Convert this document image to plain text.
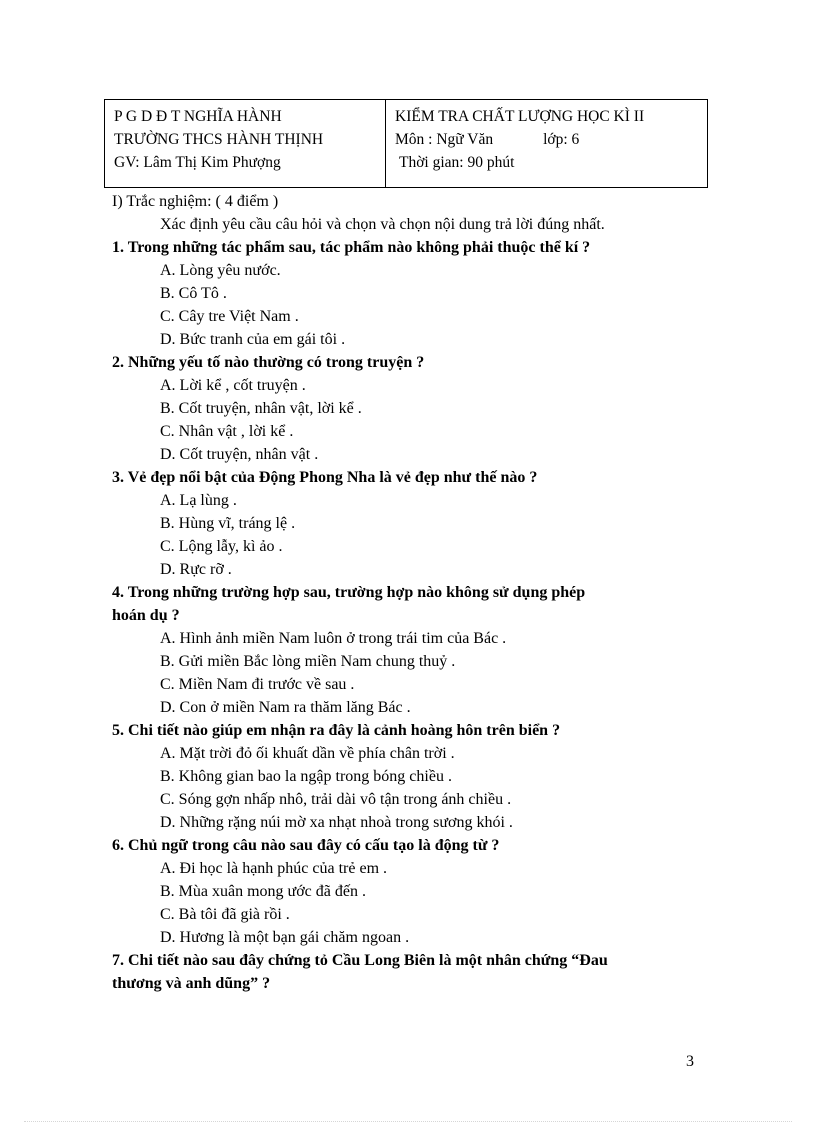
P G D Đ T NGHĨA HÀNH
TRƯỜNG THCS HÀNH THỊNH
GV: Lâm Thị Kim Phượng

KIỂM TRA CHẤT LƯỢNG HỌC KÌ II
Môn : Ngữ Văn	lớp: 6
Thời gian: 90 phút
I) Trắc nghiệm: ( 4 điểm )
Xác định yêu cầu câu hỏi và chọn và chọn nội dung trả lời đúng nhất.
1. Trong những tác phẩm sau, tác phẩm nào không phải thuộc thể kí ?
A. Lòng yêu nước.
B. Cô Tô .
C. Cây tre Việt Nam .
D. Bức tranh của em gái tôi .
2. Những yếu tố nào thường có trong truyện ?
A. Lời kể , cốt truyện .
B. Cốt truyện, nhân vật, lời kể .
C. Nhân vật , lời kể .
D. Cốt truyện, nhân vật .
3. Vẻ đẹp nổi bật của Động Phong Nha là vẻ đẹp như thế nào ?
A. Lạ lùng .
B. Hùng vĩ, tráng lệ .
C. Lộng lẫy, kì ảo .
D. Rực rỡ .
4. Trong những trường hợp sau, trường hợp nào không sử dụng phép
hoán dụ ?
A. Hình ảnh miền Nam luôn ở trong trái tim của Bác .
B. Gửi miền Bắc lòng miền Nam chung thuỷ .
C. Miền Nam đi trước về sau .
D. Con ở miền Nam ra thăm lăng Bác .
5. Chi tiết nào giúp em nhận ra đây là cảnh hoàng hôn trên biển ?
A. Mặt trời đỏ ối khuất dần về phía chân trời .
B. Không gian bao la ngập trong bóng chiều .
C. Sóng gợn nhấp nhô, trải dài vô tận trong ánh chiều .
D. Những rặng núi mờ xa nhạt nhoà trong sương khói .
6. Chủ ngữ trong câu nào sau đây có cấu tạo là động từ ?
A. Đi học là hạnh phúc của trẻ em .
B. Mùa xuân mong ước đã đến .
C. Bà tôi đã già rồi .
D. Hương là một bạn gái chăm ngoan .
7. Chi tiết nào sau đây chứng tỏ Cầu Long Biên là một nhân chứng “Đau
thương và anh dũng” ?
3
